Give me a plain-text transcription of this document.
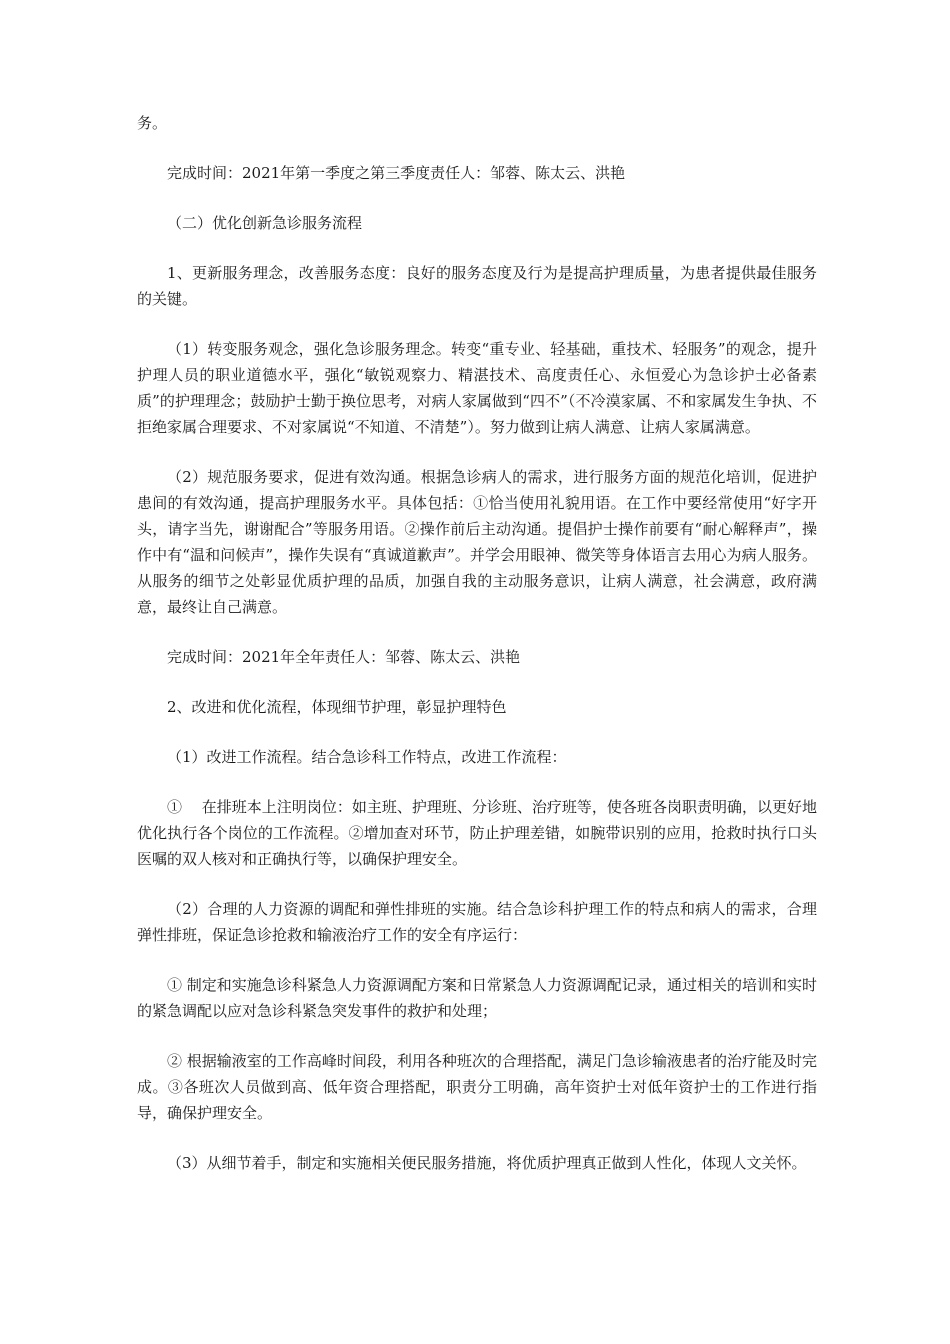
务。

完成时间：2021年第一季度之第三季度责任人：邹蓉、陈太云、洪艳

（二）优化创新急诊服务流程

1、更新服务理念，改善服务态度：良好的服务态度及行为是提高护理质量，为患者提供最佳服务的关键。

（1）转变服务观念，强化急诊服务理念。转变“重专业、轻基础，重技术、轻服务”的观念，提升护理人员的职业道德水平，强化“敏锐观察力、精湛技术、高度责任心、永恒爱心为急诊护士必备素质”的护理理念；鼓励护士勤于换位思考，对病人家属做到“四不”（不冷漠家属、不和家属发生争执、不拒绝家属合理要求、不对家属说“不知道、不清楚”）。努力做到让病人满意、让病人家属满意。

（2）规范服务要求，促进有效沟通。根据急诊病人的需求，进行服务方面的规范化培训，促进护患间的有效沟通，提高护理服务水平。具体包括：①恰当使用礼貌用语。在工作中要经常使用“好字开头，请字当先，谢谢配合”等服务用语。②操作前后主动沟通。提倡护士操作前要有“耐心解释声”，操作中有“温和问候声”，操作失误有“真诚道歉声”。并学会用眼神、微笑等身体语言去用心为病人服务。从服务的细节之处彰显优质护理的品质，加强自我的主动服务意识，让病人满意，社会满意，政府满意，最终让自己满意。

完成时间：2021年全年责任人：邹蓉、陈太云、洪艳

2、改进和优化流程，体现细节护理，彰显护理特色

（1）改进工作流程。结合急诊科工作特点，改进工作流程：

①　 在排班本上注明岗位：如主班、护理班、分诊班、治疗班等，使各班各岗职责明确，以更好地优化执行各个岗位的工作流程。②增加查对环节，防止护理差错，如腕带识别的应用，抢救时执行口头医嘱的双人核对和正确执行等，以确保护理安全。

（2）合理的人力资源的调配和弹性排班的实施。结合急诊科护理工作的特点和病人的需求，合理弹性排班，保证急诊抢救和输液治疗工作的安全有序运行：

① 制定和实施急诊科紧急人力资源调配方案和日常紧急人力资源调配记录，通过相关的培训和实时的紧急调配以应对急诊科紧急突发事件的救护和处理；

② 根据输液室的工作高峰时间段，利用各种班次的合理搭配，满足门急诊输液患者的治疗能及时完成。③各班次人员做到高、低年资合理搭配，职责分工明确，高年资护士对低年资护士的工作进行指导，确保护理安全。

（3）从细节着手，制定和实施相关便民服务措施，将优质护理真正做到人性化，体现人文关怀。
